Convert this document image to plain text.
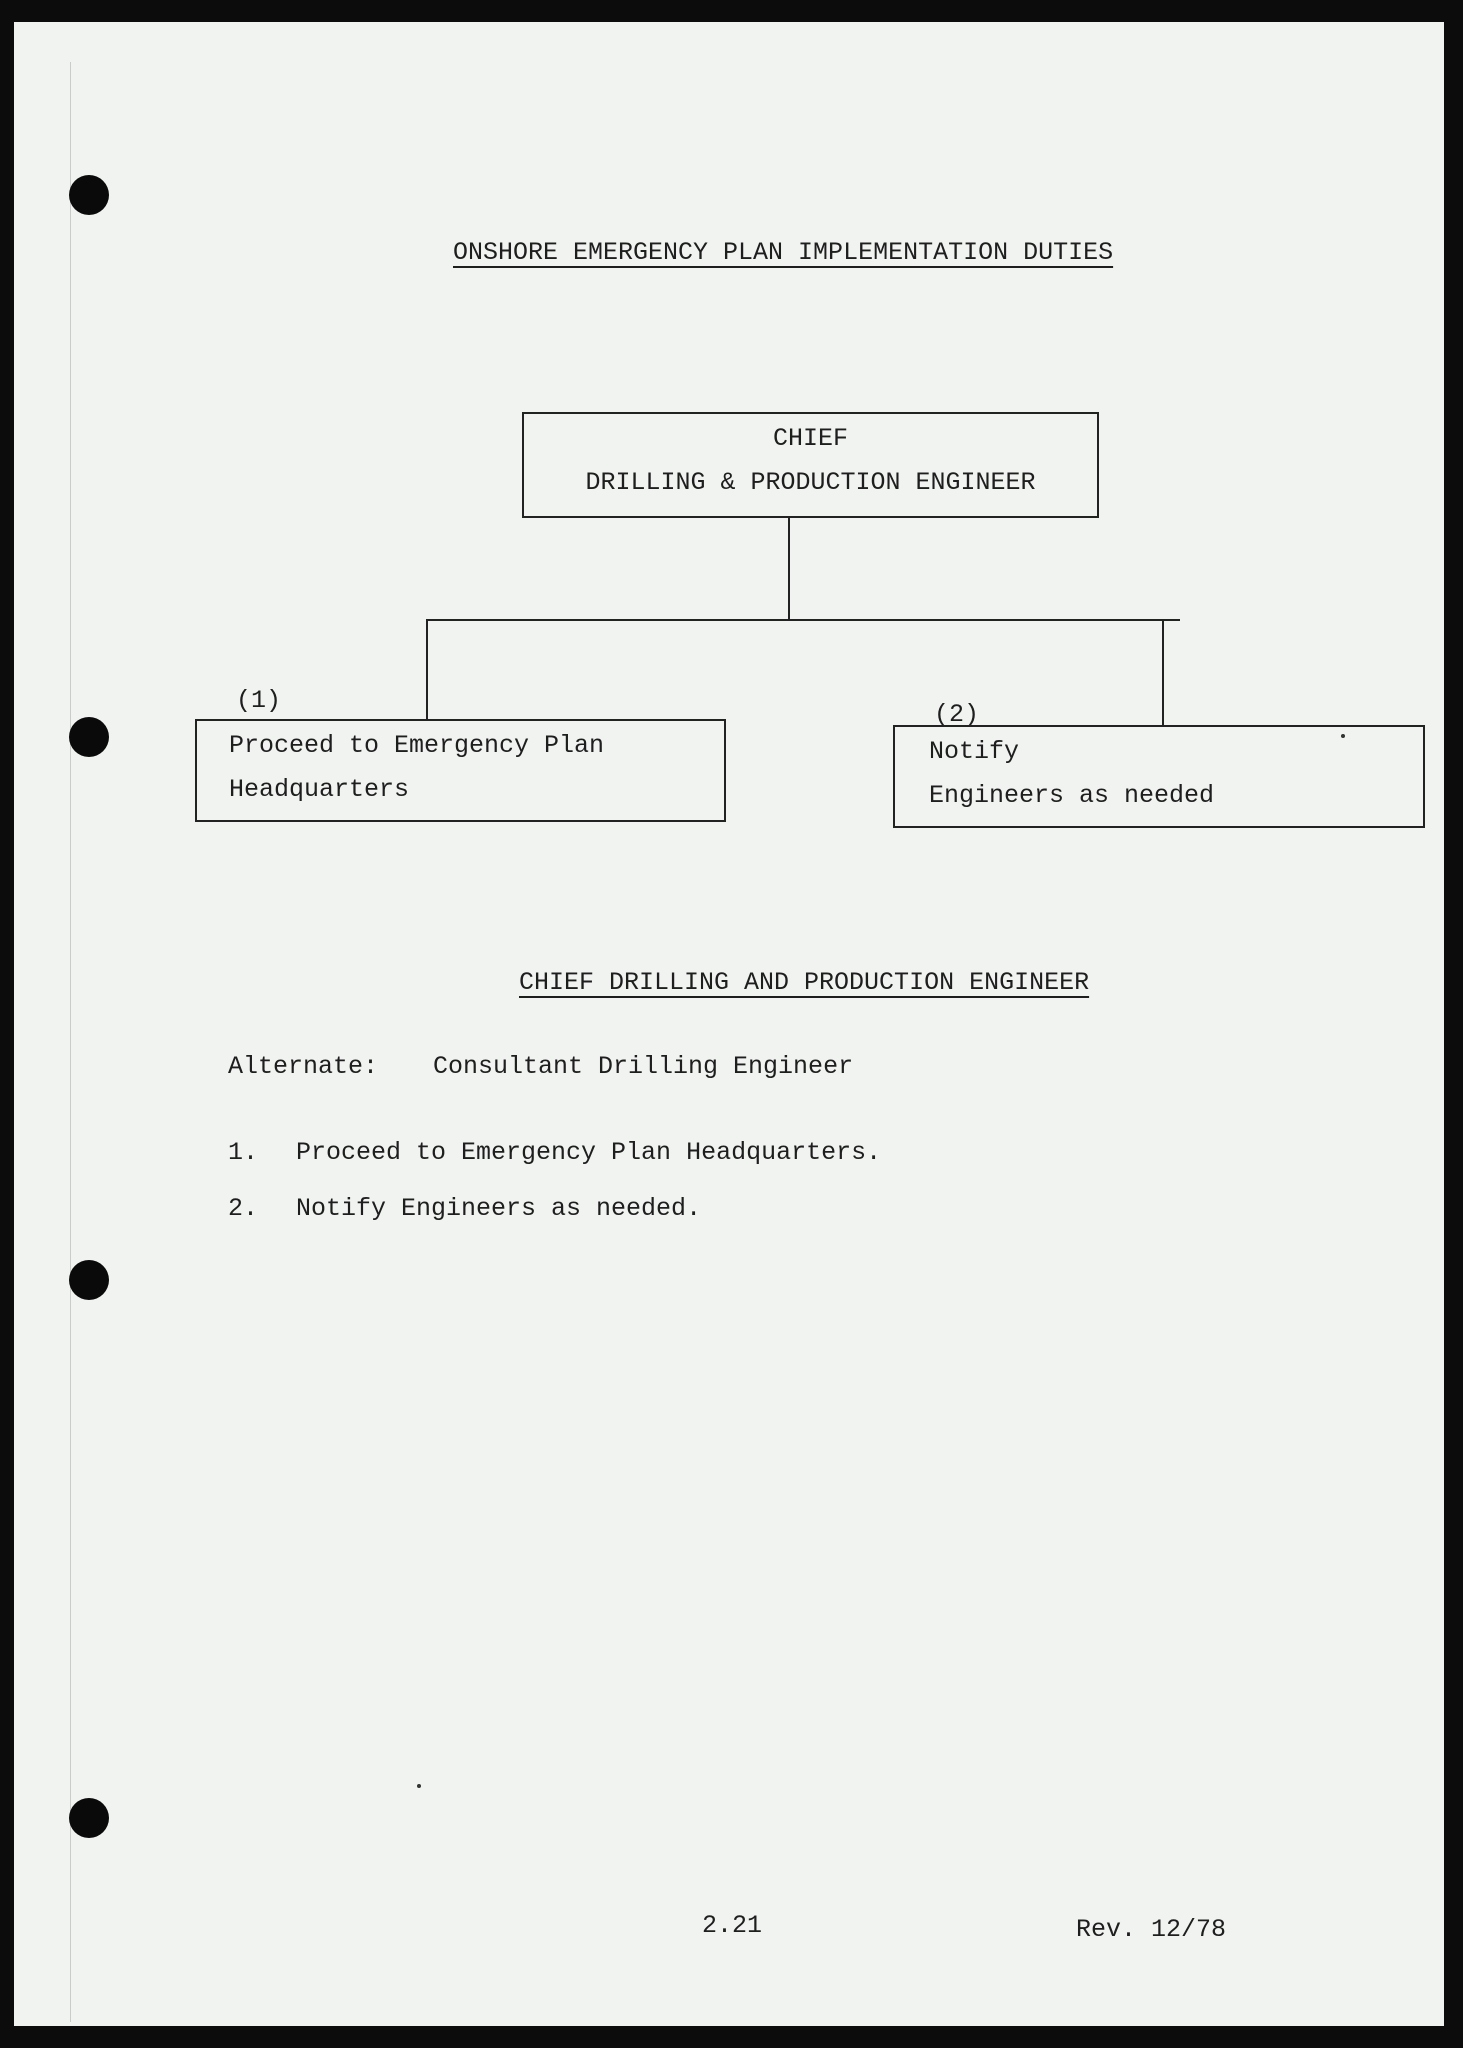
ONSHORE EMERGENCY PLAN IMPLEMENTATION DUTIES
CHIEF
DRILLING & PRODUCTION ENGINEER
(1)
Proceed to Emergency Plan
Headquarters
(2)
Notify
Engineers as needed
CHIEF DRILLING AND PRODUCTION ENGINEER
Alternate: Consultant Drilling Engineer
1. Proceed to Emergency Plan Headquarters.
2. Notify Engineers as needed.
2.21	Rev. 12/78
